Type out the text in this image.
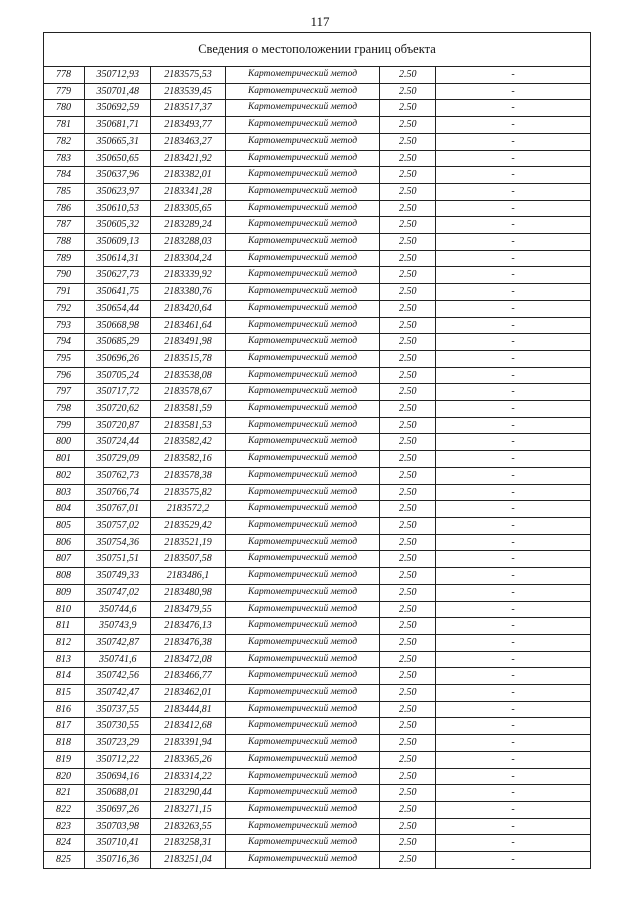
117
Сведения о местоположении границ объекта					
778	350712,93	2183575,53	Картометрический метод	2.50	-
779	350701,48	2183539,45	Картометрический метод	2.50	-
780	350692,59	2183517,37	Картометрический метод	2.50	-
781	350681,71	2183493,77	Картометрический метод	2.50	-
782	350665,31	2183463,27	Картометрический метод	2.50	-
783	350650,65	2183421,92	Картометрический метод	2.50	-
784	350637,96	2183382,01	Картометрический метод	2.50	-
785	350623,97	2183341,28	Картометрический метод	2.50	-
786	350610,53	2183305,65	Картометрический метод	2.50	-
787	350605,32	2183289,24	Картометрический метод	2.50	-
788	350609,13	2183288,03	Картометрический метод	2.50	-
789	350614,31	2183304,24	Картометрический метод	2.50	-
790	350627,73	2183339,92	Картометрический метод	2.50	-
791	350641,75	2183380,76	Картометрический метод	2.50	-
792	350654,44	2183420,64	Картометрический метод	2.50	-
793	350668,98	2183461,64	Картометрический метод	2.50	-
794	350685,29	2183491,98	Картометрический метод	2.50	-
795	350696,26	2183515,78	Картометрический метод	2.50	-
796	350705,24	2183538,08	Картометрический метод	2.50	-
797	350717,72	2183578,67	Картометрический метод	2.50	-
798	350720,62	2183581,59	Картометрический метод	2.50	-
799	350720,87	2183581,53	Картометрический метод	2.50	-
800	350724,44	2183582,42	Картометрический метод	2.50	-
801	350729,09	2183582,16	Картометрический метод	2.50	-
802	350762,73	2183578,38	Картометрический метод	2.50	-
803	350766,74	2183575,82	Картометрический метод	2.50	-
804	350767,01	2183572,2	Картометрический метод	2.50	-
805	350757,02	2183529,42	Картометрический метод	2.50	-
806	350754,36	2183521,19	Картометрический метод	2.50	-
807	350751,51	2183507,58	Картометрический метод	2.50	-
808	350749,33	2183486,1	Картометрический метод	2.50	-
809	350747,02	2183480,98	Картометрический метод	2.50	-
810	350744,6	2183479,55	Картометрический метод	2.50	-
811	350743,9	2183476,13	Картометрический метод	2.50	-
812	350742,87	2183476,38	Картометрический метод	2.50	-
813	350741,6	2183472,08	Картометрический метод	2.50	-
814	350742,56	2183466,77	Картометрический метод	2.50	-
815	350742,47	2183462,01	Картометрический метод	2.50	-
816	350737,55	2183444,81	Картометрический метод	2.50	-
817	350730,55	2183412,68	Картометрический метод	2.50	-
818	350723,29	2183391,94	Картометрический метод	2.50	-
819	350712,22	2183365,26	Картометрический метод	2.50	-
820	350694,16	2183314,22	Картометрический метод	2.50	-
821	350688,01	2183290,44	Картометрический метод	2.50	-
822	350697,26	2183271,15	Картометрический метод	2.50	-
823	350703,98	2183263,55	Картометрический метод	2.50	-
824	350710,41	2183258,31	Картометрический метод	2.50	-
825	350716,36	2183251,04	Картометрический метод	2.50	-
